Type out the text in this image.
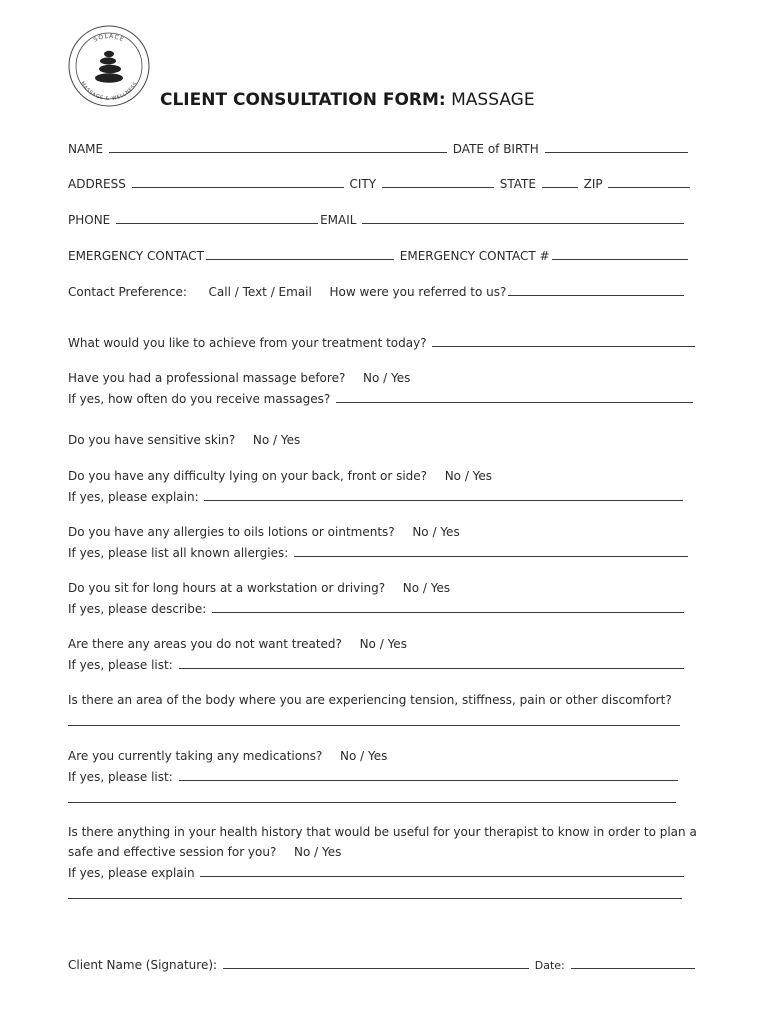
SOLACE
MASSAGE & WELLNESS
CLIENT CONSULTATION FORM: MASSAGE
NAME	DATE of BIRTH
ADDRESS	CITY	STATE	ZIP
PHONE	EMAIL
EMERGENCY CONTACT	EMERGENCY CONTACT #
Contact Preference: Call / Text / Email How were you referred to us?
What would you like to achieve from your treatment today?
Have you had a professional massage before? No / Yes
If yes, how often do you receive massages?
Do you have sensitive skin? No / Yes
Do you have any difficulty lying on your back, front or side? No / Yes
If yes, please explain:
Do you have any allergies to oils lotions or ointments? No / Yes
If yes, please list all known allergies:
Do you sit for long hours at a workstation or driving? No / Yes
If yes, please describe:
Are there any areas you do not want treated? No / Yes
If yes, please list:
Is there an area of the body where you are experiencing tension, stiffness, pain or other discomfort?
Are you currently taking any medications? No / Yes
If yes, please list:
Is there anything in your health history that would be useful for your therapist to know in order to plan a
safe and effective session for you? No / Yes
If yes, please explain
Client Name (Signature):	Date:
